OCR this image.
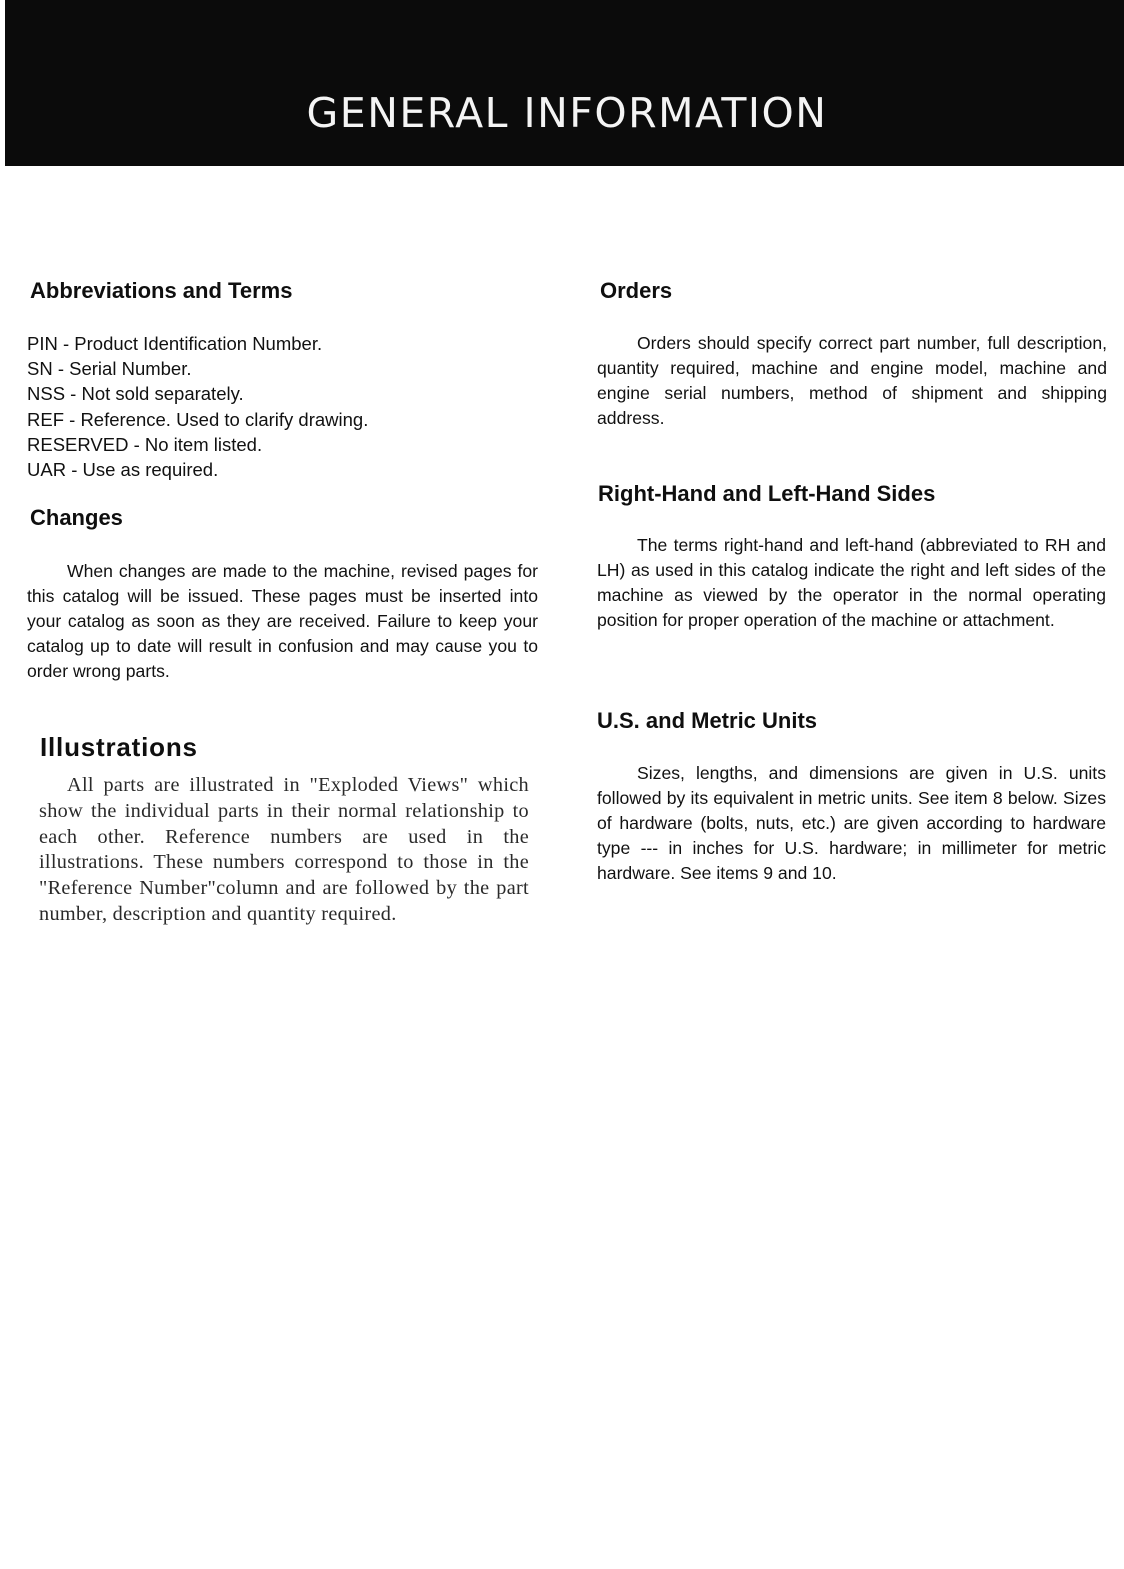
GENERAL INFORMATION
Abbreviations and Terms
PIN - Product Identification Number.
SN - Serial Number.
NSS - Not sold separately.
REF - Reference. Used to clarify drawing.
RESERVED - No item listed.
UAR - Use as required.
Changes

When changes are made to the machine, revised pages for this catalog will be issued. These pages must be inserted into your catalog as soon as they are received. Failure to keep your catalog up to date will result in confusion and may cause you to order wrong parts.

Illustrations

All parts are illustrated in "Exploded Views" which show the individual parts in their normal relationship to each other. Reference numbers are used in the illustrations. These numbers correspond to those in the "Reference Number"column and are followed by the part number, description and quantity required.

Orders

Orders should specify correct part number, full description, quantity required, machine and engine model, machine and engine serial numbers, method of shipment and shipping address.

Right-Hand and Left-Hand Sides

The terms right-hand and left-hand (abbreviated to RH and LH) as used in this catalog indicate the right and left sides of the machine as viewed by the operator in the normal operating position for proper operation of the machine or attachment.

U.S. and Metric Units

Sizes, lengths, and dimensions are given in U.S. units followed by its equivalent in metric units. See item 8 below. Sizes of hardware (bolts, nuts, etc.) are given according to hardware type --- in inches for U.S. hardware; in millimeter for metric hardware. See items 9 and 10.
